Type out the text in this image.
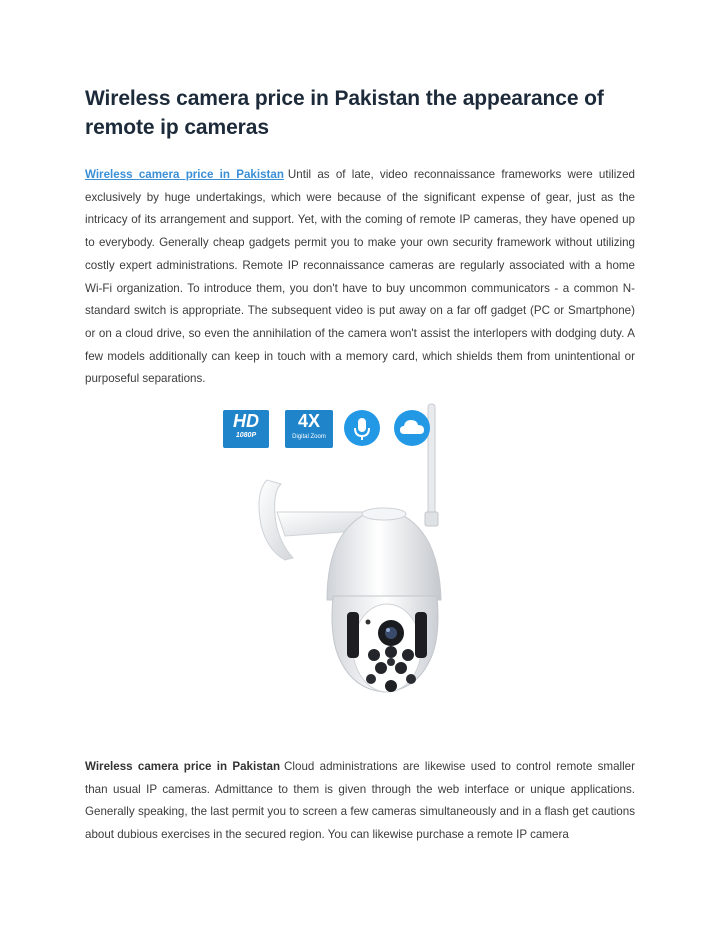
Wireless camera price in Pakistan the appearance of remote ip cameras

Wireless camera price in Pakistan Until as of late, video reconnaissance frameworks were utilized exclusively by huge undertakings, which were because of the significant expense of gear, just as the intricacy of its arrangement and support. Yet, with the coming of remote IP cameras, they have opened up to everybody. Generally cheap gadgets permit you to make your own security framework without utilizing costly expert administrations. Remote IP reconnaissance cameras are regularly associated with a home Wi-Fi organization. To introduce them, you don't have to buy uncommon communicators - a common N-standard switch is appropriate. The subsequent video is put away on a far off gadget (PC or Smartphone) or on a cloud drive, so even the annihilation of the camera won't assist the interlopers with dodging duty. A few models additionally can keep in touch with a memory card, which shields them from unintentional or purposeful separations.

HD
1080P
4X
Digital Zoom

Wireless camera price in Pakistan Cloud administrations are likewise used to control remote smaller than usual IP cameras. Admittance to them is given through the web interface or unique applications. Generally speaking, the last permit you to screen a few cameras simultaneously and in a flash get cautions about dubious exercises in the secured region. You can likewise purchase a remote IP camera
